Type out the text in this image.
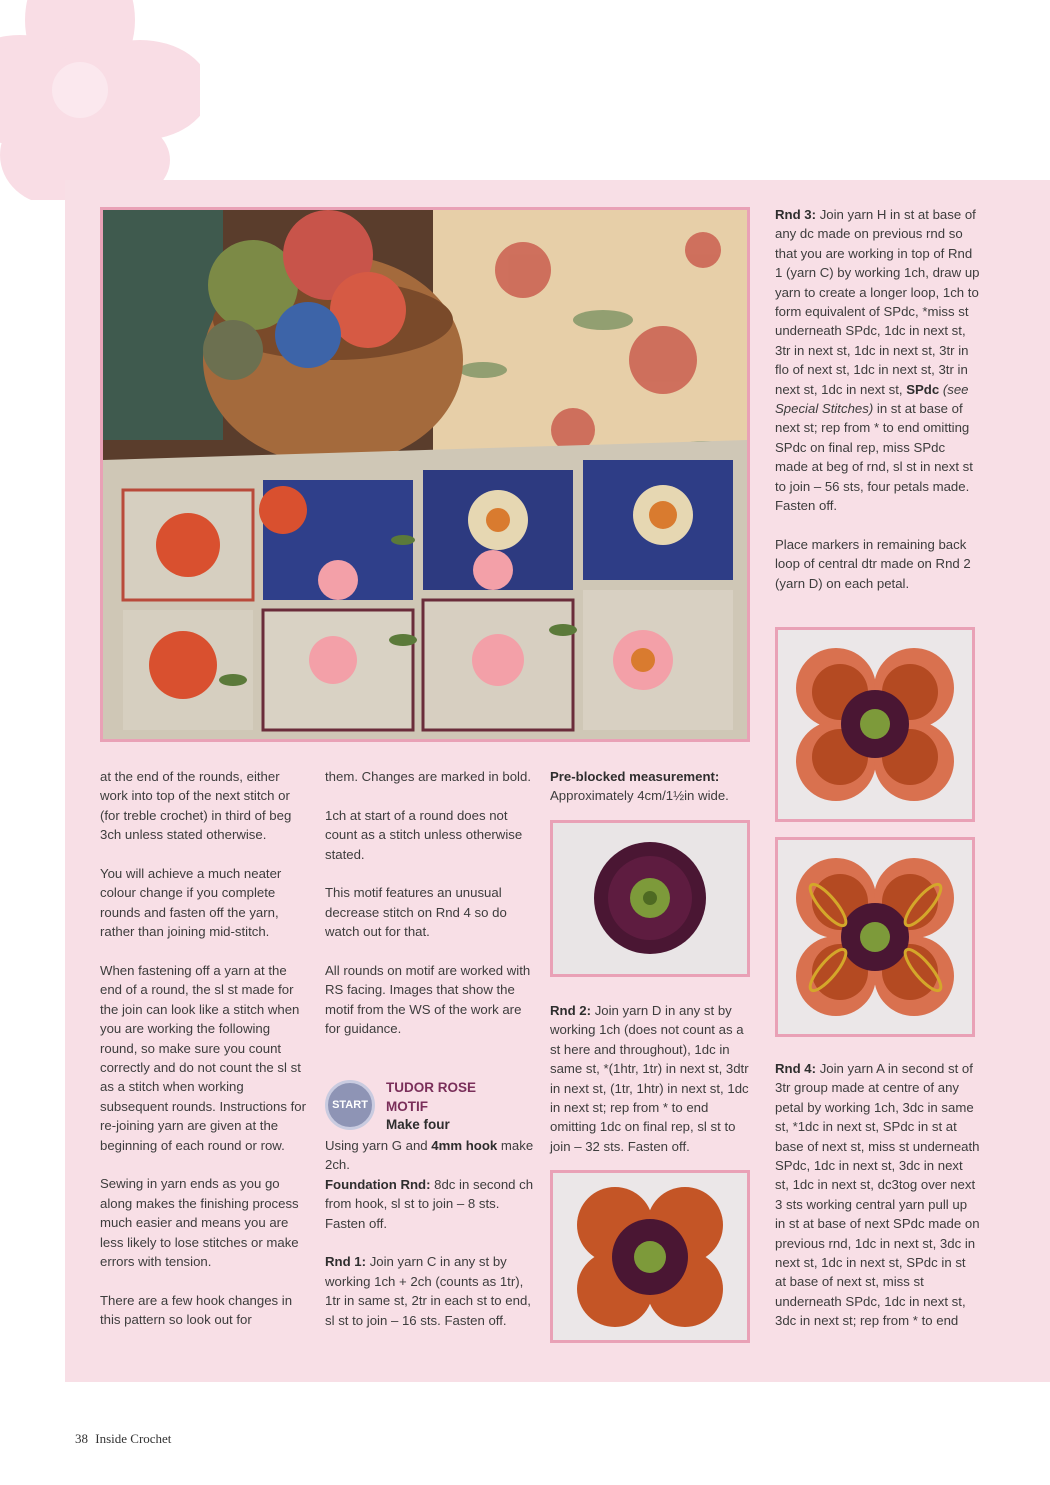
at the end of the rounds, either work into top of the next stitch or (for treble crochet) in third of beg 3ch unless stated otherwise.

You will achieve a much neater colour change if you complete rounds and fasten off the yarn, rather than joining mid-stitch.

When fastening off a yarn at the end of a round, the sl st made for the join can look like a stitch when you are working the following round, so make sure you count correctly and do not count the sl st as a stitch when working subsequent rounds. Instructions for re-joining yarn are given at the beginning of each round or row.

Sewing in yarn ends as you go along makes the finishing process much easier and means you are less likely to lose stitches or make errors with tension.

There are a few hook changes in this pattern so look out for

them. Changes are marked in bold.

1ch at start of a round does not count as a stitch unless otherwise stated.

This motif features an unusual decrease stitch on Rnd 4 so do watch out for that.

All rounds on motif are worked with RS facing. Images that show the motif from the WS of the work are for guidance.

START
TUDOR ROSE MOTIF
Make four

Using yarn G and 4mm hook make 2ch.

Foundation Rnd: 8dc in second ch from hook, sl st to join – 8 sts. Fasten off.

Rnd 1: Join yarn C in any st by working 1ch + 2ch (counts as 1tr), 1tr in same st, 2tr in each st to end, sl st to join – 16 sts. Fasten off.

Pre-blocked measurement:
Approximately 4cm/1½in wide.

Rnd 2: Join yarn D in any st by working 1ch (does not count as a st here and throughout), 1dc in same st, *(1htr, 1tr) in next st, 3dtr in next st, (1tr, 1htr) in next st, 1dc in next st; rep from * to end omitting 1dc on final rep, sl st to join – 32 sts. Fasten off.

Rnd 3: Join yarn H in st at base of any dc made on previous rnd so that you are working in top of Rnd 1 (yarn C) by working 1ch, draw up yarn to create a longer loop, 1ch to form equivalent of SPdc, *miss st underneath SPdc, 1dc in next st, 3tr in next st, 1dc in next st, 3tr in flo of next st, 1dc in next st, 3tr in next st, 1dc in next st, SPdc (see Special Stitches) in st at base of next st; rep from * to end omitting SPdc on final rep, miss SPdc made at beg of rnd, sl st in next st to join – 56 sts, four petals made. Fasten off.

Place markers in remaining back loop of central dtr made on Rnd 2 (yarn D) on each petal.

Rnd 4: Join yarn A in second st of 3tr group made at centre of any petal by working 1ch, 3dc in same st, *1dc in next st, SPdc in st at base of next st, miss st underneath SPdc, 1dc in next st, 3dc in next st, 1dc in next st, dc3tog over next 3 sts working central yarn pull up in st at base of next SPdc made on previous rnd, 1dc in next st, 3dc in next st, 1dc in next st, SPdc in st at base of next st, miss st underneath SPdc, 1dc in next st, 3dc in next st; rep from * to end

38 Inside Crochet
